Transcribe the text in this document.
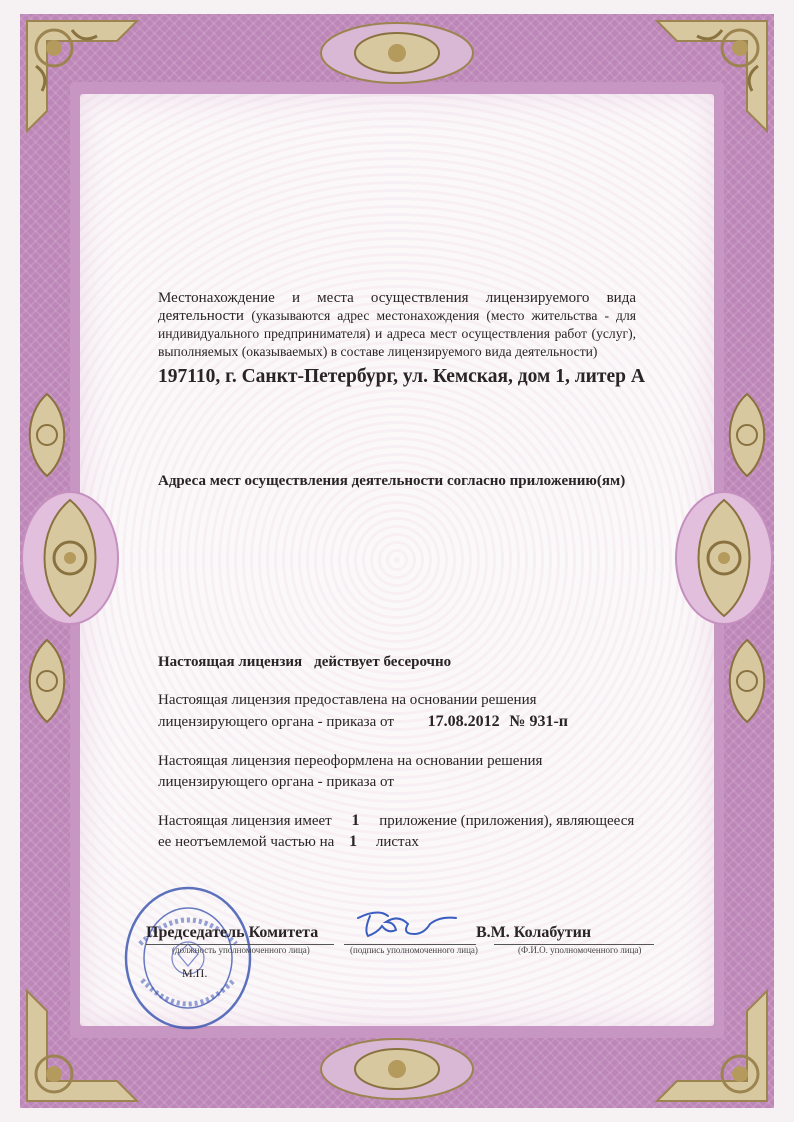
Местонахождение и места осуществления лицензируемого вида деятельности (указываются адрес местонахождения (место жительства - для индивидуального предпринимателя) и адреса мест осуществления работ (услуг), выполняемых (оказываемых) в составе лицензируемого вида деятельности)
197110, г. Санкт-Петербург, ул. Кемская, дом 1, литер А
Адреса мест осуществления деятельности согласно приложению(ям)
Настоящая лицензия действует бесерочно
Настоящая лицензия предоставлена на основании решения
лицензирующего органа - приказа от 17.08.2012 № 931-п
Настоящая лицензия переоформлена на основании решения
лицензирующего органа - приказа от
Настоящая лицензия имеет 1 приложение (приложения), являющееся
ее неотъемлемой частью на 1 листах
Председатель Комитета
(должность уполномоченного лица)	(подпись уполномоченного лица)
В.М. Колабутин
(Ф.И.О. уполномоченного лица)
М.П.
